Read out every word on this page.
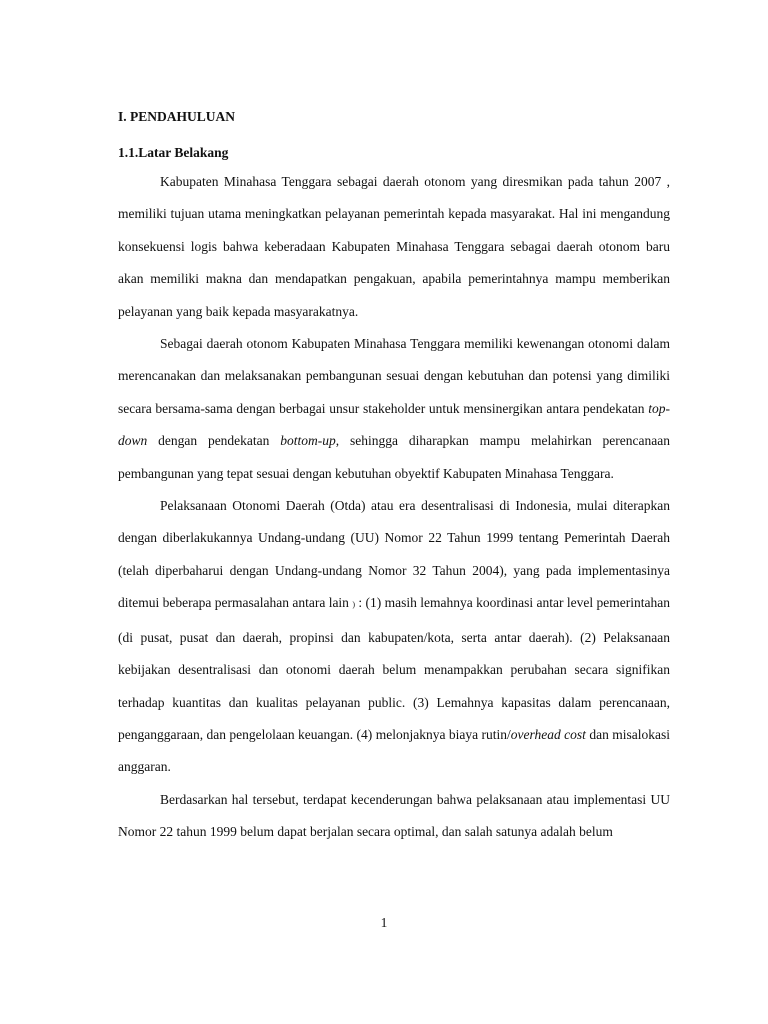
I. PENDAHULUAN
1.1.Latar Belakang

Kabupaten Minahasa Tenggara sebagai daerah otonom yang diresmikan pada tahun 2007 , memiliki tujuan utama meningkatkan pelayanan pemerintah kepada masyarakat. Hal ini mengandung konsekuensi logis bahwa keberadaan Kabupaten Minahasa Tenggara sebagai daerah otonom baru akan memiliki makna dan mendapatkan pengakuan, apabila pemerintahnya mampu memberikan pelayanan yang baik kepada masyarakatnya.

Sebagai daerah otonom Kabupaten Minahasa Tenggara memiliki kewenangan otonomi dalam merencanakan dan melaksanakan pembangunan sesuai dengan kebutuhan dan potensi yang dimiliki secara bersama-sama dengan berbagai unsur stakeholder untuk mensinergikan antara pendekatan top-down dengan pendekatan bottom-up, sehingga diharapkan mampu melahirkan perencanaan pembangunan yang tepat sesuai dengan kebutuhan obyektif Kabupaten Minahasa Tenggara.

Pelaksanaan Otonomi Daerah (Otda) atau era desentralisasi di Indonesia, mulai diterapkan dengan diberlakukannya Undang-undang (UU) Nomor 22 Tahun 1999 tentang Pemerintah Daerah (telah diperbaharui dengan Undang-undang Nomor 32 Tahun 2004), yang pada implementasinya ditemui beberapa permasalahan antara lain ) : (1) masih lemahnya koordinasi antar level pemerintahan (di pusat, pusat dan daerah, propinsi dan kabupaten/kota, serta antar daerah). (2) Pelaksanaan kebijakan desentralisasi dan otonomi daerah belum menampakkan perubahan secara signifikan terhadap kuantitas dan kualitas pelayanan public. (3) Lemahnya kapasitas dalam perencanaan, penganggaraan, dan pengelolaan keuangan. (4) melonjaknya biaya rutin/overhead cost dan misalokasi anggaran.

Berdasarkan hal tersebut, terdapat kecenderungan bahwa pelaksanaan atau implementasi UU Nomor 22 tahun 1999 belum dapat berjalan secara optimal, dan salah satunya adalah belum

1
